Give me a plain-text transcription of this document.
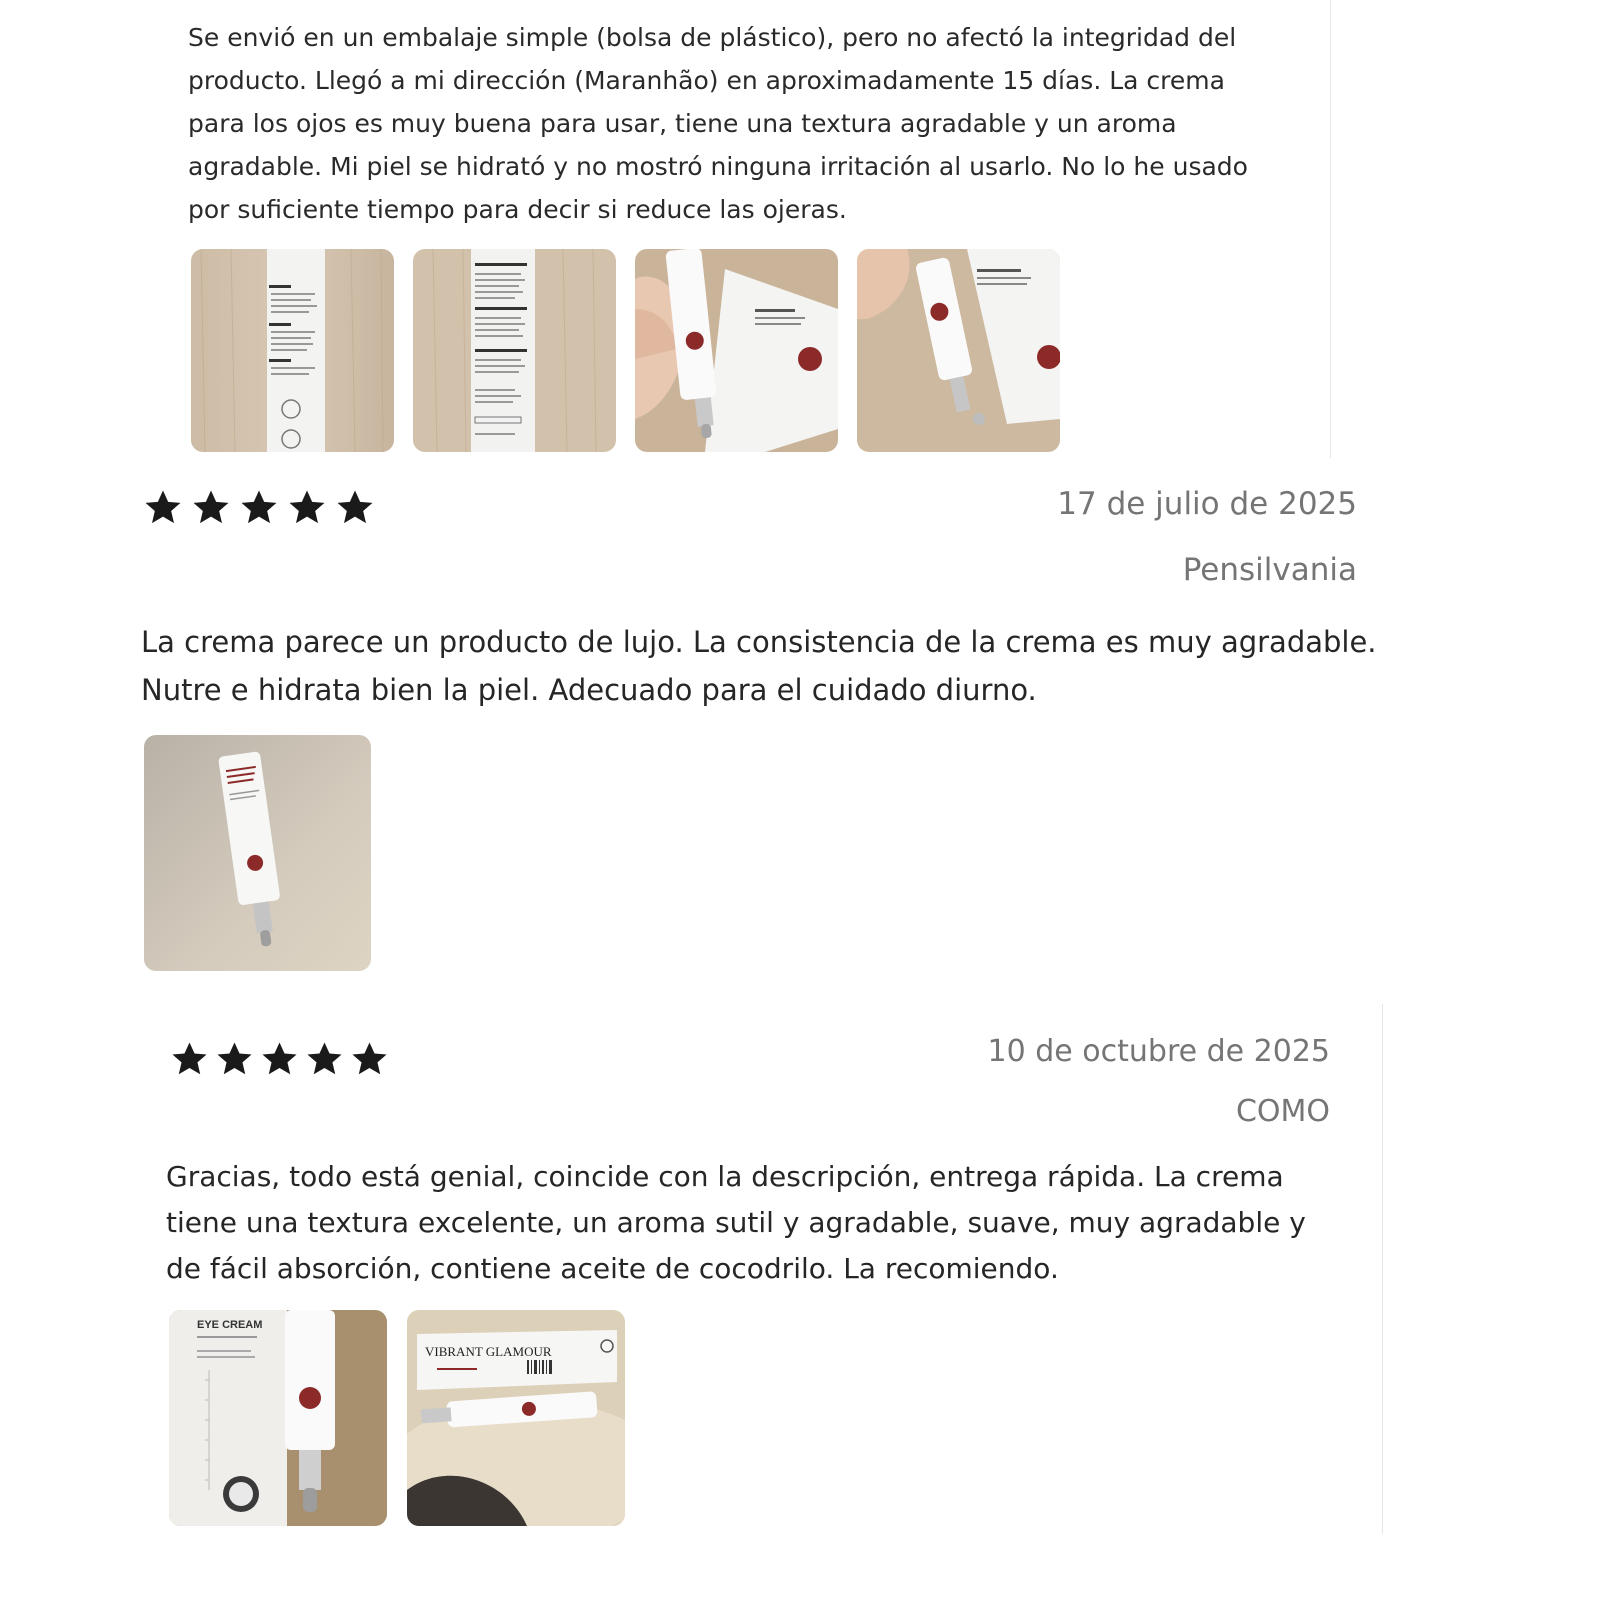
Se envió en un embalaje simple (bolsa de plástico), pero no afectó la integridad del producto. Llegó a mi dirección (Maranhão) en aproximadamente 15 días. La crema para los ojos es muy buena para usar, tiene una textura agradable y un aroma agradable. Mi piel se hidrató y no mostró ninguna irritación al usarlo. No lo he usado por suficiente tiempo para decir si reduce las ojeras.
17 de julio de 2025
Pensilvania
La crema parece un producto de lujo. La consistencia de la crema es muy agradable. Nutre e hidrata bien la piel. Adecuado para el cuidado diurno.
10 de octubre de 2025
COMO
Gracias, todo está genial, coincide con la descripción, entrega rápida. La crema tiene una textura excelente, un aroma sutil y agradable, suave, muy agradable y de fácil absorción, contiene aceite de cocodrilo. La recomiendo.
EYE CREAM
VIBRANT GLAMOUR
